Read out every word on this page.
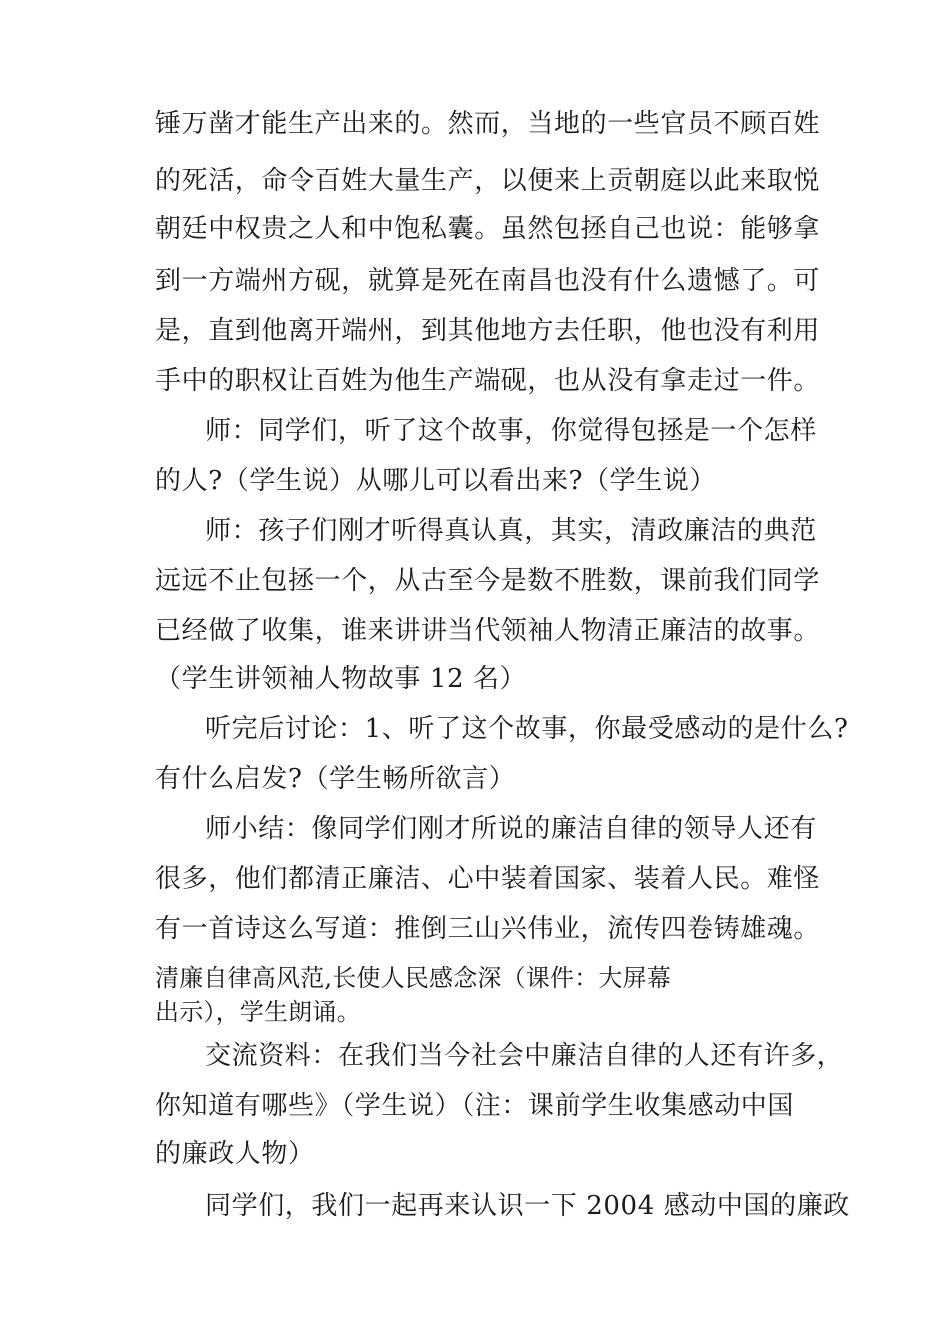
锤万凿才能生产出来的。然而，当地的一些官员不顾百姓

的死活，命令百姓大量生产，以便来上贡朝庭以此来取悦

朝廷中权贵之人和中饱私囊。虽然包拯自己也说：能够拿

到一方端州方砚，就算是死在南昌也没有什么遗憾了。可

是，直到他离开端州，到其他地方去任职，他也没有利用

手中的职权让百姓为他生产端砚，也从没有拿走过一件。

师：同学们，听了这个故事，你觉得包拯是一个怎样

的人?（学生说）从哪儿可以看出来?（学生说）

师：孩子们刚才听得真认真，其实，清政廉洁的典范

远远不止包拯一个，从古至今是数不胜数，课前我们同学

已经做了收集，谁来讲讲当代领袖人物清正廉洁的故事。

（学生讲领袖人物故事 12 名）

听完后讨论：1、听了这个故事，你最受感动的是什么?

有什么启发?（学生畅所欲言）

师小结：像同学们刚才所说的廉洁自律的领导人还有

很多，他们都清正廉洁、心中装着国家、装着人民。难怪

有一首诗这么写道：推倒三山兴伟业，流传四卷铸雄魂。

清廉自律高风范,长使人民感念深（课件：大屏幕

出示），学生朗诵。

交流资料：在我们当今社会中廉洁自律的人还有许多，

你知道有哪些》（学生说）（注：课前学生收集感动中国

的廉政人物）

同学们，我们一起再来认识一下 2004 感动中国的廉政
